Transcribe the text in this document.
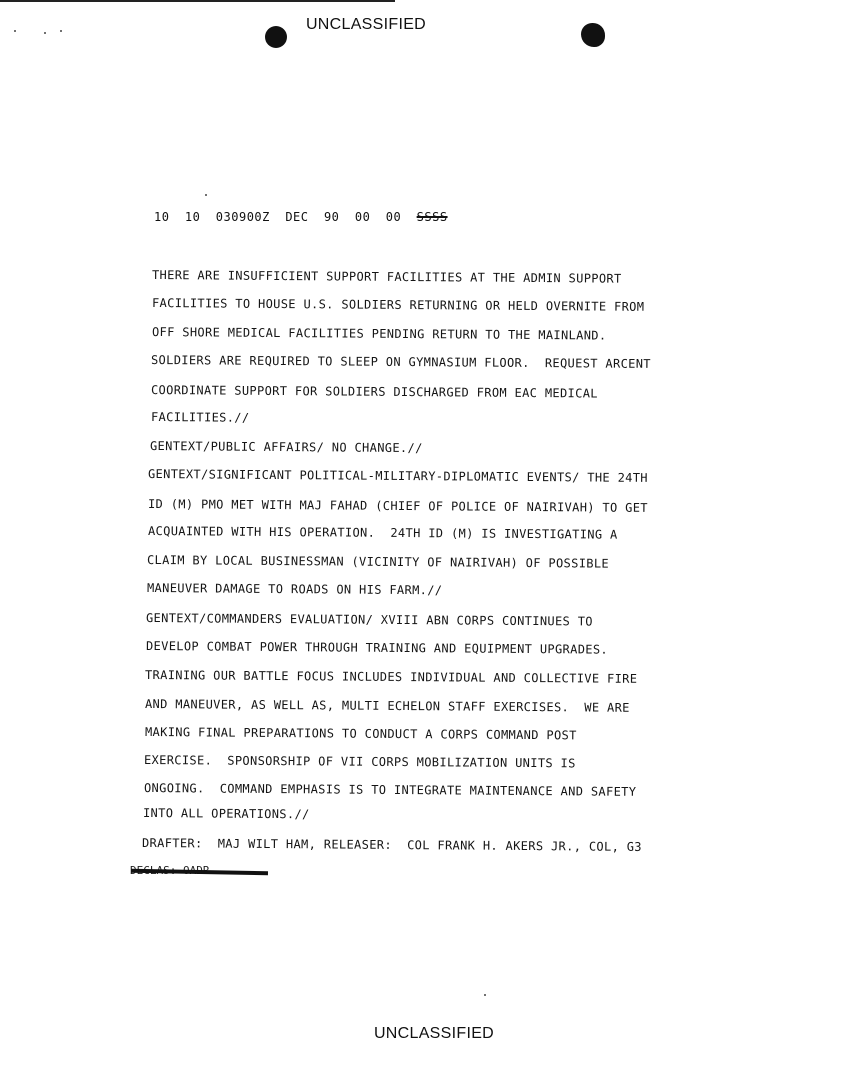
UNCLASSIFIED
10  10  030900Z  DEC  90  00  00  SSSS
THERE ARE INSUFFICIENT SUPPORT FACILITIES AT THE ADMIN SUPPORT
FACILITIES TO HOUSE U.S. SOLDIERS RETURNING OR HELD OVERNITE FROM
OFF SHORE MEDICAL FACILITIES PENDING RETURN TO THE MAINLAND.
SOLDIERS ARE REQUIRED TO SLEEP ON GYMNASIUM FLOOR.  REQUEST ARCENT
COORDINATE SUPPORT FOR SOLDIERS DISCHARGED FROM EAC MEDICAL
FACILITIES.//
GENTEXT/PUBLIC AFFAIRS/ NO CHANGE.//
GENTEXT/SIGNIFICANT POLITICAL-MILITARY-DIPLOMATIC EVENTS/ THE 24TH
ID (M) PMO MET WITH MAJ FAHAD (CHIEF OF POLICE OF NAIRIVAH) TO GET
ACQUAINTED WITH HIS OPERATION.  24TH ID (M) IS INVESTIGATING A
CLAIM BY LOCAL BUSINESSMAN (VICINITY OF NAIRIVAH) OF POSSIBLE
MANEUVER DAMAGE TO ROADS ON HIS FARM.//
GENTEXT/COMMANDERS EVALUATION/ XVIII ABN CORPS CONTINUES TO
DEVELOP COMBAT POWER THROUGH TRAINING AND EQUIPMENT UPGRADES.
TRAINING OUR BATTLE FOCUS INCLUDES INDIVIDUAL AND COLLECTIVE FIRE
AND MANEUVER, AS WELL AS, MULTI ECHELON STAFF EXERCISES.  WE ARE
MAKING FINAL PREPARATIONS TO CONDUCT A CORPS COMMAND POST
EXERCISE.  SPONSORSHIP OF VII CORPS MOBILIZATION UNITS IS
ONGOING.  COMMAND EMPHASIS IS TO INTEGRATE MAINTENANCE AND SAFETY
INTO ALL OPERATIONS.//
DRAFTER:  MAJ WILT HAM, RELEASER:  COL FRANK H. AKERS JR., COL, G3
UNCLASSIFIED
